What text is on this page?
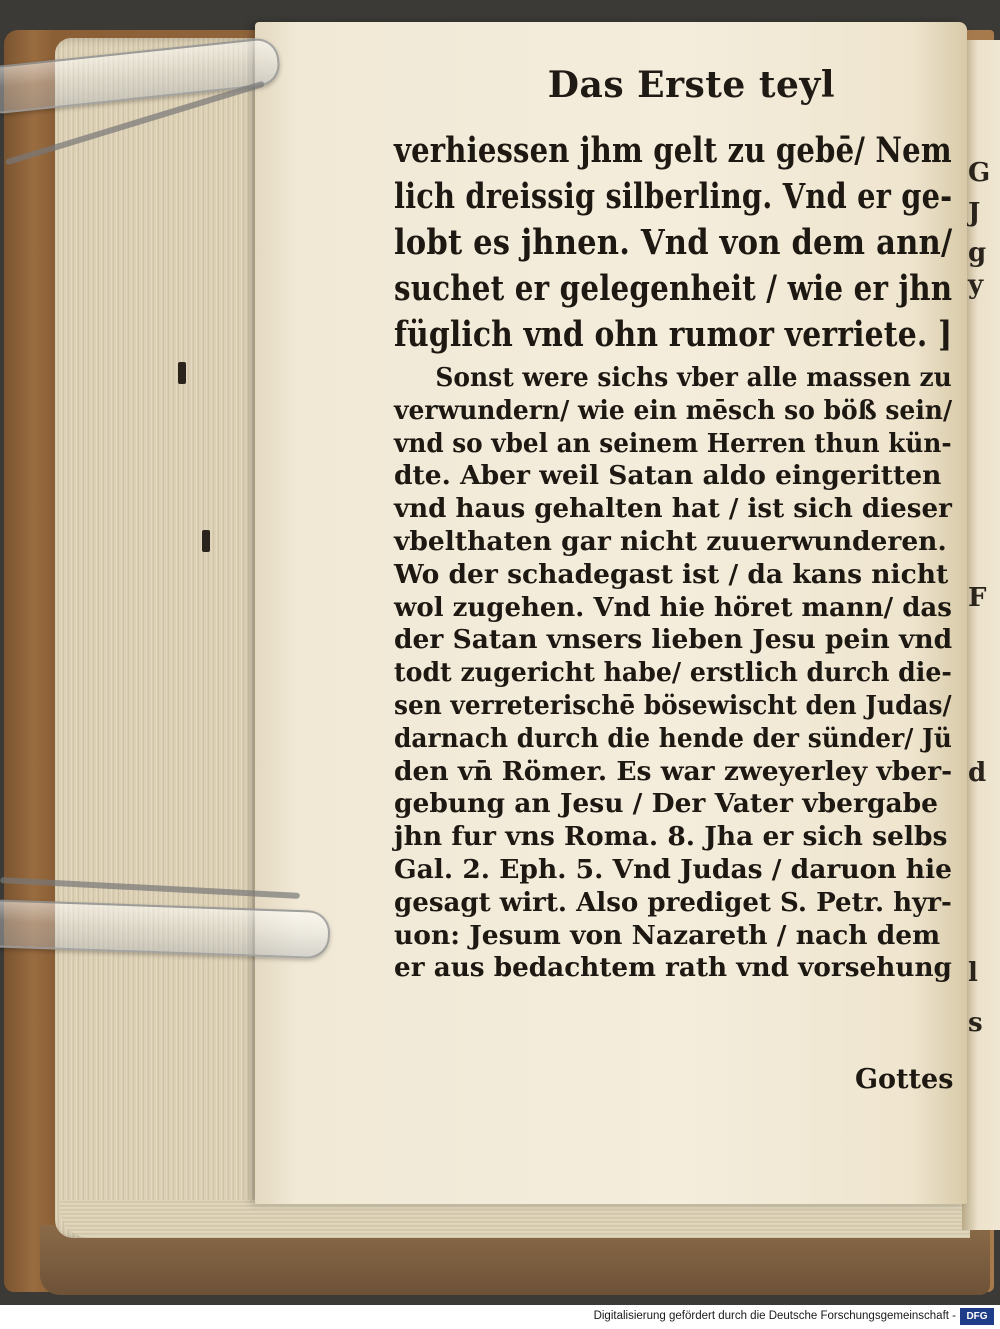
G
J
g
y
F
d
l
s
Das Erste teyl
verhiessen jhm gelt zu gebē/ Nem
lich dreissig silberling. Vnd er ge-
lobt es jhnen. Vnd von dem ann/
suchet er gelegenheit / wie er jhn
füglich vnd ohn rumor verriete. ]
Sonst were sichs vber alle massen zu
verwundern/ wie ein mēsch so böß sein/
vnd so vbel an seinem Herren thun kün-
dte. Aber weil Satan aldo eingeritten
vnd haus gehalten hat / ist sich dieser
vbelthaten gar nicht zuuerwunderen.
Wo der schadegast ist / da kans nicht
wol zugehen. Vnd hie höret mann/ das
der Satan vnsers lieben Jesu pein vnd
todt zugericht habe/ erstlich durch die-
sen verreterischē bösewischt den Judas/
darnach durch die hende der sünder/ Jü
den vn̄ Römer. Es war zweyerley vber-
gebung an Jesu / Der Vater vbergabe
jhn fur vns Roma. 8. Jha er sich selbs
Gal. 2. Eph. 5. Vnd Judas / daruon hie
gesagt wirt. Also prediget S. Petr. hyr-
uon: Jesum von Nazareth / nach dem
er aus bedachtem rath vnd vorsehung
Gottes
Digitalisierung gefördert durch die Deutsche Forschungsgemeinschaft -	DFG
